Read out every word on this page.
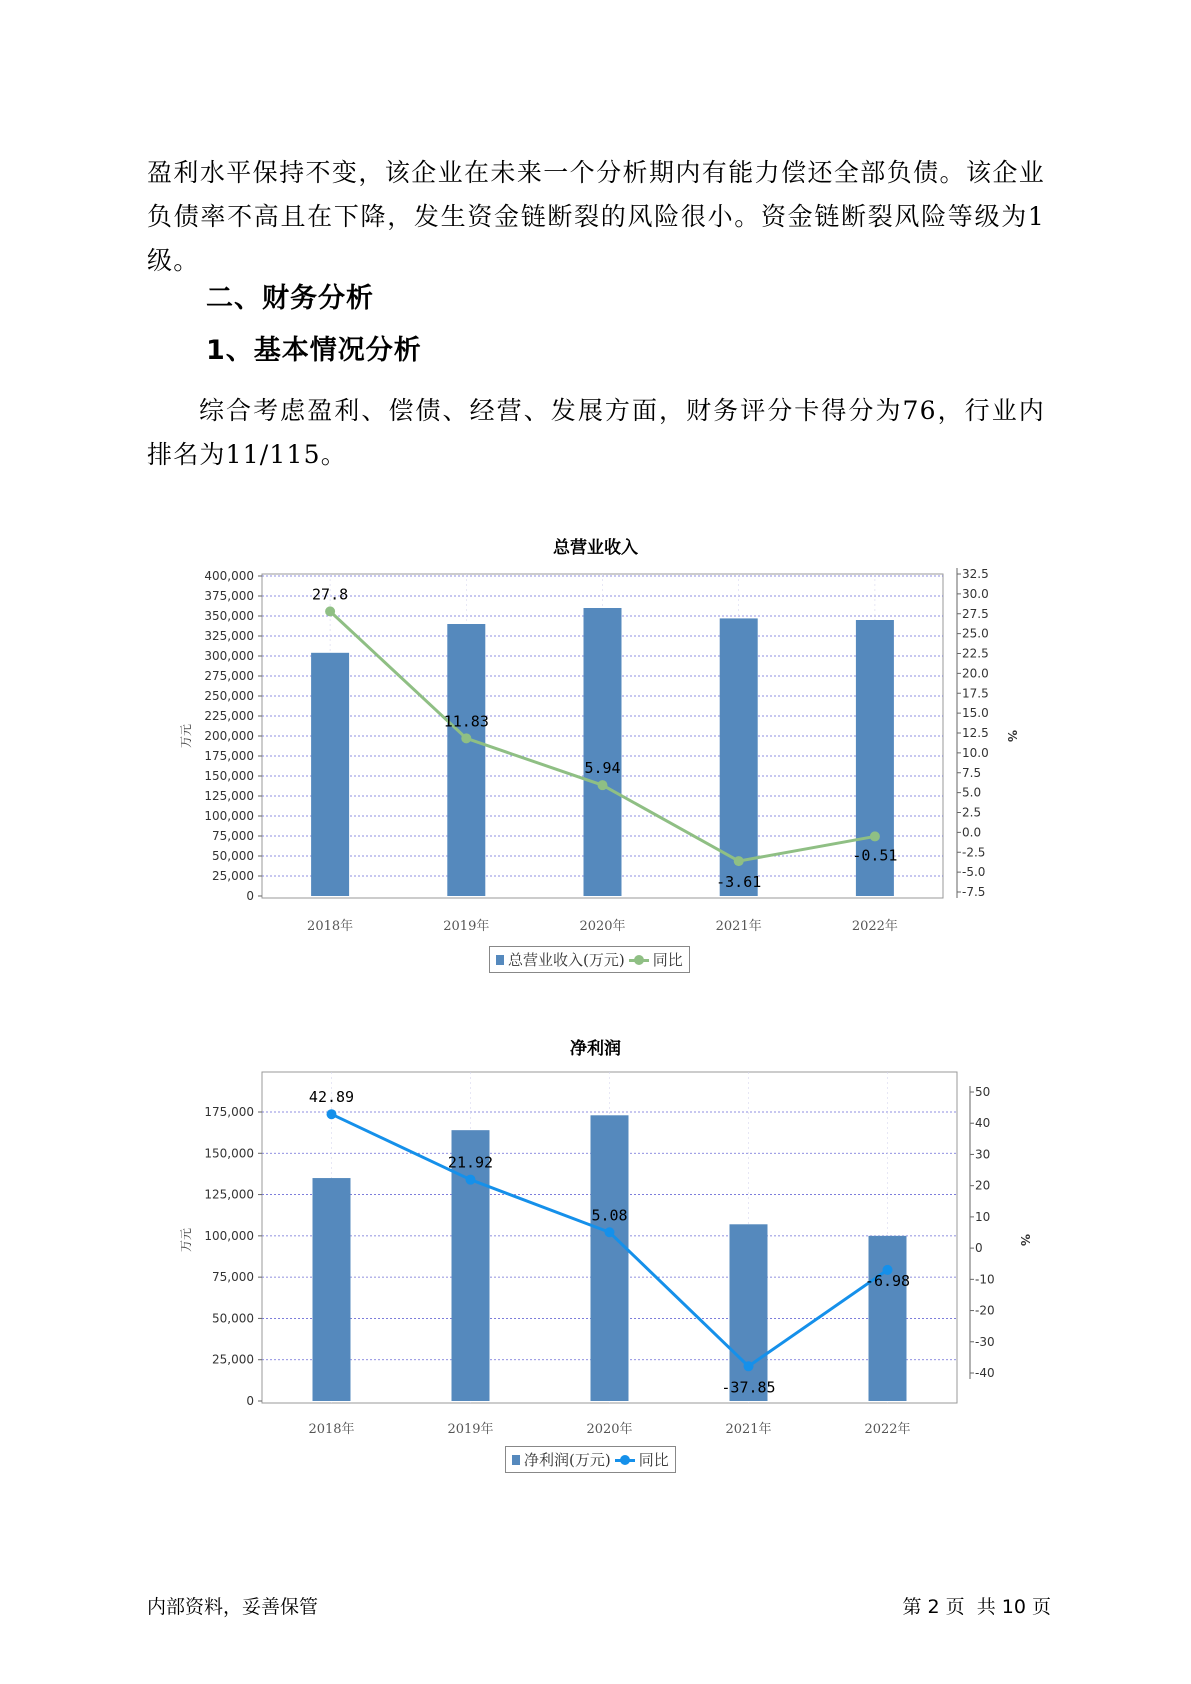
盈利水平保持不变，该企业在未来一个分析期内有能力偿还全部负债。该企业负债率不高且在下降，发生资金链断裂的风险很小。资金链断裂风险等级为1级。

二、财务分析
1、基本情况分析

综合考虑盈利、偿债、经营、发展方面，财务评分卡得分为76，行业内排名为11/115。

总营业收入
0
25,000
50,000
75,000
100,000
125,000
150,000
175,000
200,000
225,000
250,000
275,000
300,000
325,000
350,000
375,000
400,000
-7.5
-5.0
-2.5
0.0
2.5
5.0
7.5
10.0
12.5
15.0
17.5
20.0
22.5
25.0
27.5
30.0
32.5
万元	%
2018年	2019年	2020年	2021年	2022年
27.8
11.83
5.94
-3.61
-0.51
总营业收入(万元) 同比
净利润
0
25,000
50,000
75,000
100,000
125,000
150,000
175,000
-40
-30
-20
-10
0
10
20
30
40
50
万元	%
2018年	2019年	2020年	2021年	2022年
42.89
21.92
5.08
-37.85
-6.98
净利润(万元) 同比
内部资料，妥善保管	第 2 页  共 10 页
